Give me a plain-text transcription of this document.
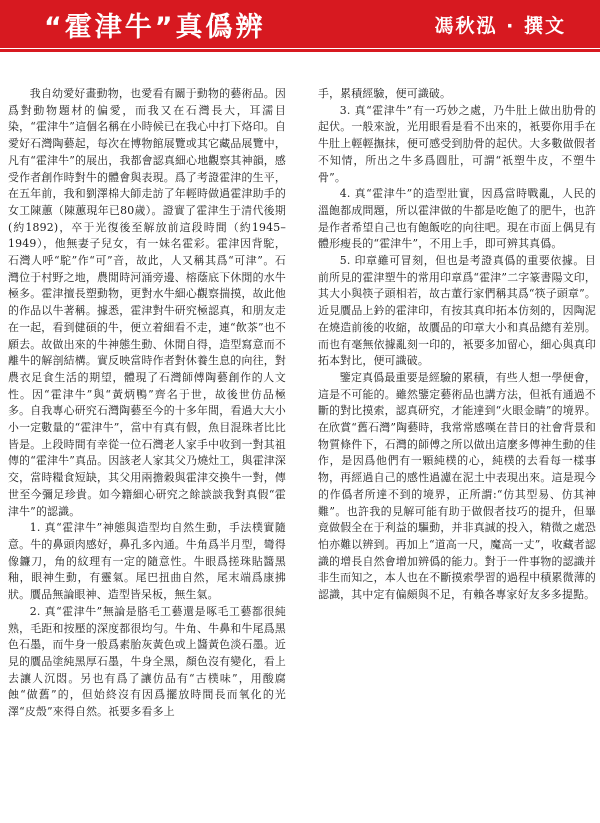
“霍津牛”真僞辨	馮秋泓 · 撰文

我自幼愛好畫動物，也愛看有關于動物的藝術品。因爲對動物題材的偏愛，而我又在石灣長大，耳濡目染，“霍津牛”這個名稱在小時候已在我心中打下烙印。自愛好石灣陶藝起，每次在博物館展覽或其它藏品展覽中，凡有“霍津牛”的展出，我都會認真細心地觀察其神韻，感受作者創作時對牛的體會與表現。爲了考證霍津的生平，在五年前，我和劉澤棉大師走訪了年輕時做過霍津助手的女工陳蕙（陳蕙現年已80歲）。證實了霍津生于清代後期(約1892)，卒于光復後至解放前這段時間（約1945–1949），他無妻子兒女，有一妹名霍彩。霍津因背駝，石灣人呼“駝”作“可”音，故此，人又稱其爲“可津”。石灣位于村野之地，農閒時河涌旁邊、榕蔭底下休閒的水牛極多。霍津擅長塑動物，更對水牛細心觀察揣摸，故此他的作品以牛著稱。據悉，霍津對牛研究極認真，和朋友走在一起，看到健碩的牛，便立着細看不走，連“飲茶”也不願去。故做出來的牛神態生動、休閒自得，造型寫意而不離牛的解剖結構。實反映當時作者對休養生息的向往，對農衣足食生活的期望，體現了石灣師傅陶藝創作的人文性。因“霍津牛”與“黃炳鴨”齊名于世，故後世仿品極多。自我專心研究石灣陶藝至今的十多年間，看過大大小小一定數量的“霍津牛”，當中有真有假，魚目混珠者比比皆是。上段時間有幸從一位石灣老人家手中收到一對其祖傳的“霍津牛”真品。因該老人家其父乃燒灶工，與霍津深交，當時糧食短缺，其父用兩擔穀與霍津交換牛一對，傳世至今彌足珍貴。如今籍細心研究之餘談談我對真假“霍津牛”的認識。

1. 真“霍津牛”神態與造型均自然生動，手法樸實隨意。牛的鼻頭肉感好，鼻孔多內通。牛角爲半月型，彎得像鐮刀，角的紋理有一定的隨意性。牛眼爲搓珠貼醬黑釉，眼神生動，有靈氣。尾巴扭曲自然，尾末端爲康拂狀。贋品無論眼神、造型皆呆板，無生氣。

2. 真“霍津牛”無論是胳毛工藝還是啄毛工藝都很純熟，毛距和按壓的深度都很均勻。牛角、牛鼻和牛尾爲黑色石墨，而牛身一般爲素胎灰黃色或上醬黃色淡石墨。近見的贋品塗純黑厚石墨，牛身全黑，顏色沒有變化，看上去讓人沉悶。另也有爲了讓仿品有“古樸味”，用酸腐蝕“做舊”的，但始終沒有因爲擺放時間長而氧化的光澤“皮殼”來得自然。祇要多看多上

手，累積經驗，便可識破。

3. 真“霍津牛”有一巧妙之處，乃牛肚上做出肋骨的起伏。一般來說，光用眼看是看不出來的，衹要你用手在牛肚上輕輕撫抹，便可感受到肋骨的起伏。大多數做假者不知情，所出之牛多爲圓肚，可謂“祇塑牛皮，不塑牛骨”。

4. 真“霍津牛”的造型壯實，因爲當時戰亂，人民的溫飽都成問題，所以霍津做的牛都是吃飽了的肥牛，也許是作者希望自己也有飽飯吃的向往吧。現在市面上偶見有體形瘦長的“霍津牛”，不用上手，即可辨其真僞。

5. 印章雖可冒刻，但也是考證真僞的重要依據。目前所見的霍津塑牛的常用印章爲“霍津”二字篆書陽文印，其大小與筷子頭相若，故古董行家們稱其爲“筷子頭章”。近見贋品上鈐的霍津印，有按其真印拓本仿刻的，因陶泥在燒造前後的收縮，故贋品的印章大小和真品總有差別。而也有毫無依據亂刻一印的，衹要多加留心，細心與真印拓本對比，便可識破。

鑒定真僞最重要是經驗的累積，有些人想一學便會，這是不可能的。雖然鑒定藝術品也講方法，但祇有通過不斷的對比摸索，認真研究，才能達到“火眼金睛”的境界。在欣賞“舊石灣”陶藝時，我常常感嘆在昔日的社會背景和物質條件下，石灣的師傅之所以做出這麼多傳神生動的佳作，是因爲他們有一顆純樸的心，純樸的去看每一樣事物，再經過自己的感性過濾在泥土中表現出來。這是現今的作僞者所達不到的境界，正所謂:“仿其型易、仿其神難”。也許我的見解可能有助于做假者技巧的提升，但畢竟做假全在于利益的驅動，并非真誠的投入，精微之處恐怕亦難以辨到。再加上“道高一尺，魔高一丈”，收藏者認識的增長自然會增加辨僞的能力。對于一件事物的認識并非生而知之，本人也在不斷摸索學習的過程中積累微薄的認識，其中定有偏頗與不足，有賴各專家好友多多提點。
